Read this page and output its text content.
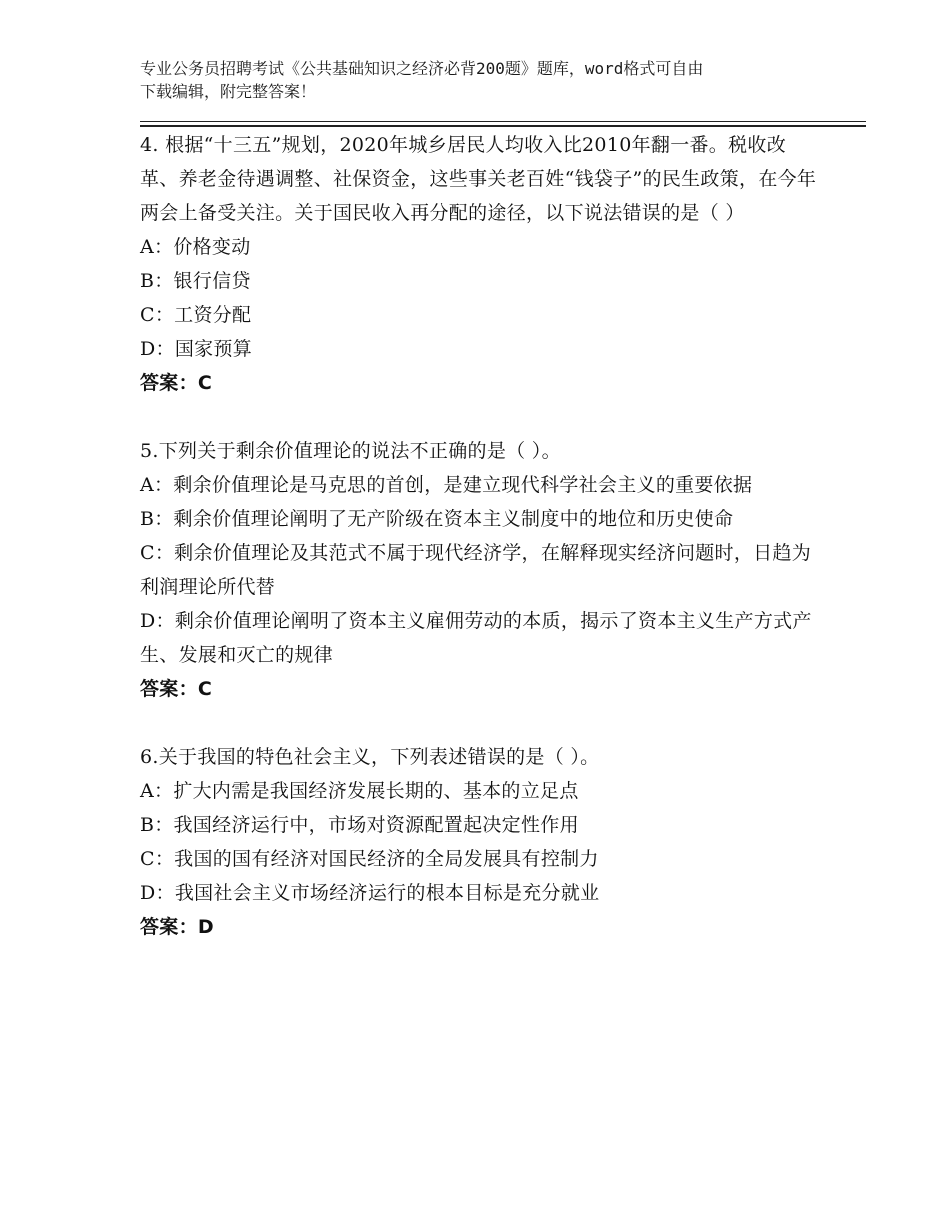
专业公务员招聘考试《公共基础知识之经济必背200题》题库，word格式可自由
下载编辑，附完整答案！

4. 根据“十三五”规划，2020年城乡居民人均收入比2010年翻一番。税收改革、养老金待遇调整、社保资金，这些事关老百姓“钱袋子”的民生政策，在今年两会上备受关注。关于国民收入再分配的途径，以下说法错误的是（ ）

A：价格变动

B：银行信贷

C：工资分配

D：国家预算

答案：C

5.下列关于剩余价值理论的说法不正确的是（ ）。

A：剩余价值理论是马克思的首创，是建立现代科学社会主义的重要依据

B：剩余价值理论阐明了无产阶级在资本主义制度中的地位和历史使命

C：剩余价值理论及其范式不属于现代经济学，在解释现实经济问题时，日趋为利润理论所代替

D：剩余价值理论阐明了资本主义雇佣劳动的本质，揭示了资本主义生产方式产生、发展和灭亡的规律

答案：C

6.关于我国的特色社会主义，下列表述错误的是（ ）。

A：扩大内需是我国经济发展长期的、基本的立足点

B：我国经济运行中，市场对资源配置起决定性作用

C：我国的国有经济对国民经济的全局发展具有控制力

D：我国社会主义市场经济运行的根本目标是充分就业

答案：D
